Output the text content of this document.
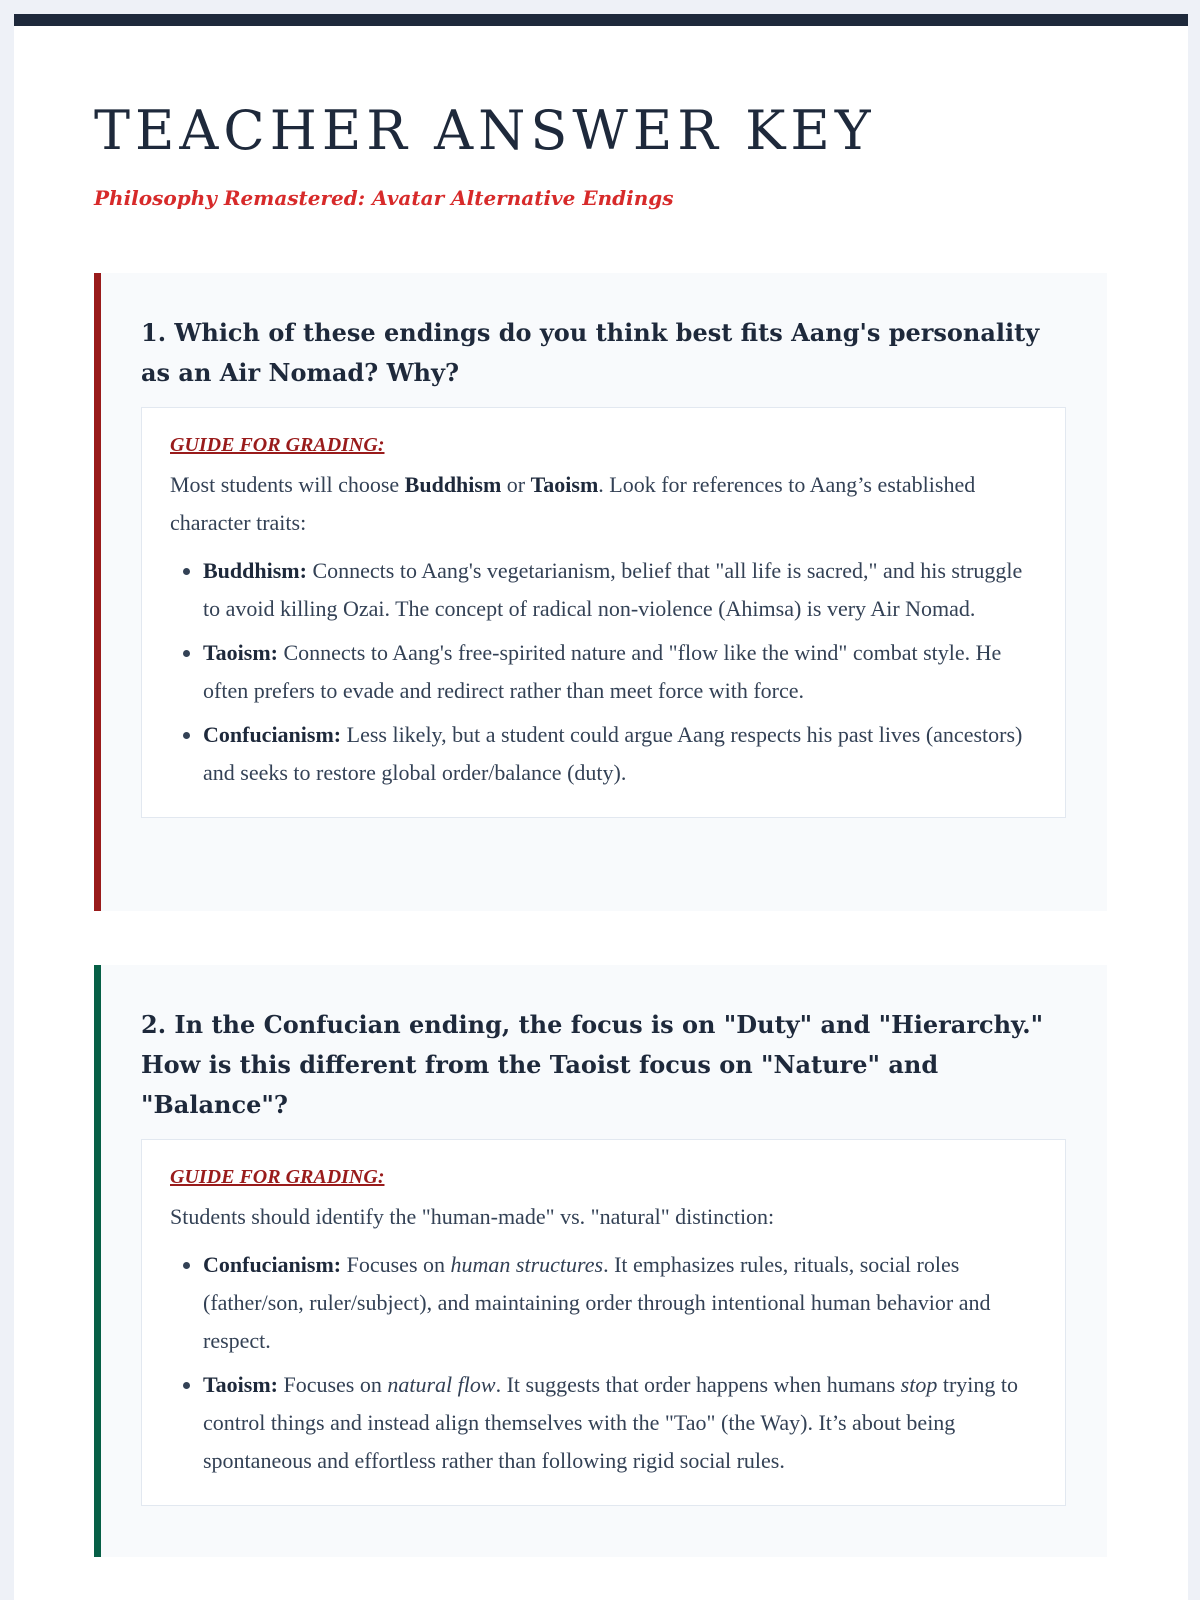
TEACHER ANSWER KEY
Philosophy Remastered: Avatar Alternative Endings
1. Which of these endings do you think best fits Aang's personality as an Air Nomad? Why?
GUIDE FOR GRADING:

Most students will choose Buddhism or Taoism. Look for references to Aang’s established character traits:

• Buddhism: Connects to Aang's vegetarianism, belief that "all life is sacred," and his struggle to avoid killing Ozai. The concept of radical non-violence (Ahimsa) is very Air Nomad.
• Taoism: Connects to Aang's free-spirited nature and "flow like the wind" combat style. He often prefers to evade and redirect rather than meet force with force.
• Confucianism: Less likely, but a student could argue Aang respects his past lives (ancestors) and seeks to restore global order/balance (duty).
2. In the Confucian ending, the focus is on "Duty" and "Hierarchy." How is this different from the Taoist focus on "Nature" and "Balance"?
GUIDE FOR GRADING:

Students should identify the "human-made" vs. "natural" distinction:

• Confucianism: Focuses on human structures. It emphasizes rules, rituals, social roles (father/son, ruler/subject), and maintaining order through intentional human behavior and respect.
• Taoism: Focuses on natural flow. It suggests that order happens when humans stop trying to control things and instead align themselves with the "Tao" (the Way). It’s about being spontaneous and effortless rather than following rigid social rules.
